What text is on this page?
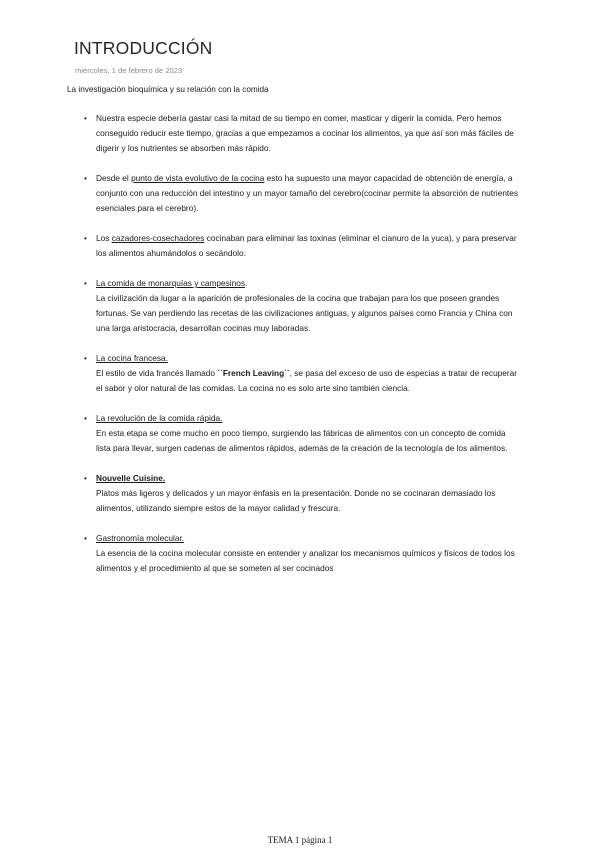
INTRODUCCIÓN
miércoles, 1 de febrero de 2023
La investigación bioquímica y su relación con la comida
• Nuestra especie debería gastar casi la mitad de su tiempo en comer, masticar y digerir la comida. Pero hemos conseguido reducir este tiempo, gracias a que empezamos a cocinar los alimentos, ya que así son más fáciles de digerir y los nutrientes se absorben más rápido.
• Desde el punto de vista evolutivo de la cocina esto ha supuesto una mayor capacidad de obtención de energía, a conjunto con una reducción del intestino y un mayor tamaño del cerebro(cocinar permite la absorción de nutrientes esenciales para el cerebro).
• Los cazadores-cosechadores cocinaban para eliminar las toxinas (eliminar el cianuro de la yuca), y para preservar los alimentos ahumándolos o secándolo.
• La comida de monarquías y campesinos.
La civilización da lugar a la aparición de profesionales de la cocina que trabajan para los que poseen grandes fortunas. Se van perdiendo las recetas de las civilizaciones antiguas, y algunos países como Francia y China con una larga aristocracia, desarrollan cocinas muy laboradas.
• La cocina francesa.
El estilo de vida francés llamado ´´French Leaving``, se pasa del exceso de uso de especias a tratar de recuperar el sabor y olor natural de las comidas. La cocina no es solo arte sino también ciencia.
• La revolución de la comida rápida.
En esta etapa se come mucho en poco tiempo, surgiendo las fábricas de alimentos con un concepto de comida lista para llevar, surgen cadenas de alimentos rápidos, además de la creación de la tecnología de los alimentos.
• Nouvelle Cuisine.
Platos más ligeros y delicados y un mayor énfasis en la presentación. Donde no se cocinaran demasiado los alimentos, utilizando siempre estos de la mayor calidad y frescura.
• Gastronomía molecular.
La esencia de la cocina molecular consiste en entender y analizar los mecanismos químicos y físicos de todos los alimentos y el procedimiento al que se someten al ser cocinados
TEMA 1 página 1
